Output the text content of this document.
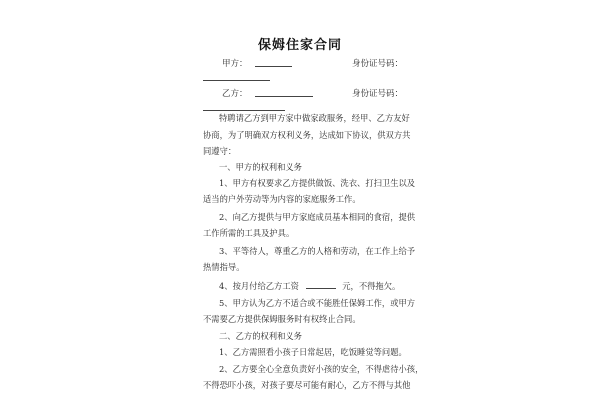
保姆住家合同
甲方：	身份证号码：
乙方：	身份证号码：
特聘请乙方到甲方家中做家政服务，经甲、乙方友好
协商，为了明确双方权利义务，达成如下协议，供双方共
同遵守：
一、甲方的权利和义务
1、甲方有权要求乙方提供做饭、洗衣、打扫卫生以及
适当的户外劳动等为内容的家庭服务工作。
2、向乙方提供与甲方家庭成员基本相同的食宿，提供
工作所需的工具及护具。
3、平等待人，尊重乙方的人格和劳动，在工作上给予
热情指导。
4、按月付给乙方工资	元，不得拖欠。
5、甲方认为乙方不适合或不能胜任保姆工作，或甲方
不需要乙方提供保姆服务时有权终止合同。
二、乙方的权利和义务
1、乙方需照看小孩子日常起居，吃饭睡觉等问题。
2、乙方要全心全意负责好小孩的安全，不得虐待小孩，
不得恐吓小孩，对孩子要尽可能有耐心，乙方不得与其他
